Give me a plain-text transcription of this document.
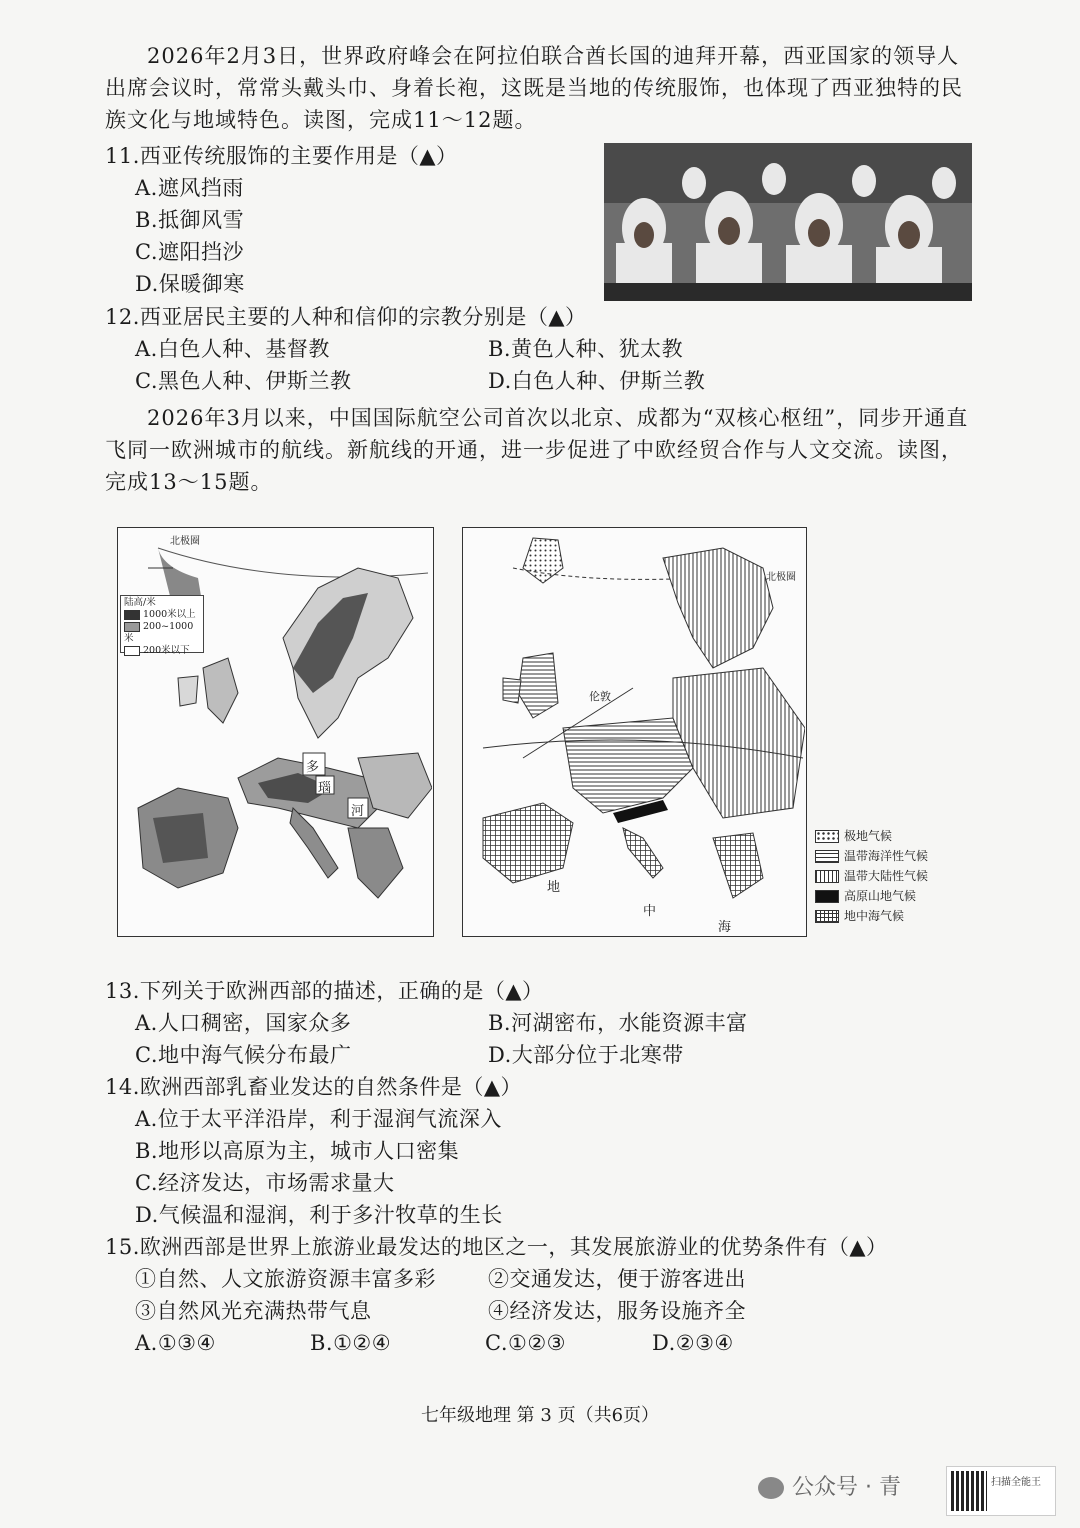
2026年2月3日，世界政府峰会在阿拉伯联合酋长国的迪拜开幕，西亚国家的领导人出席会议时，常常头戴头巾、身着长袍，这既是当地的传统服饰，也体现了西亚独特的民族文化与地域特色。读图，完成11～12题。
11.西亚传统服饰的主要作用是（▲）
A.遮风挡雨
B.抵御风雪
C.遮阳挡沙
D.保暖御寒
12.西亚居民主要的人种和信仰的宗教分别是（▲）
A.白色人种、基督教	B.黄色人种、犹太教
C.黑色人种、伊斯兰教	D.白色人种、伊斯兰教
2026年3月以来，中国国际航空公司首次以北京、成都为“双核心枢纽”，同步开通直飞同一欧洲城市的航线。新航线的开通，进一步促进了中欧经贸合作与人文交流。读图，完成13～15题。
北极圈
多
瑙
河
陆高/米
1000米以上
200~1000米
200米以下
北极圈
伦敦
地
中
海
极地气候
温带海洋性气候
温带大陆性气候
高原山地气候
地中海气候
13.下列关于欧洲西部的描述，正确的是（▲）
A.人口稠密，国家众多	B.河湖密布，水能资源丰富
C.地中海气候分布最广	D.大部分位于北寒带
14.欧洲西部乳畜业发达的自然条件是（▲）
A.位于太平洋沿岸，利于湿润气流深入
B.地形以高原为主，城市人口密集
C.经济发达，市场需求量大
D.气候温和湿润，利于多汁牧草的生长
15.欧洲西部是世界上旅游业最发达的地区之一，其发展旅游业的优势条件有（▲）
①自然、人文旅游资源丰富多彩 ②交通发达，便于游客进出
③自然风光充满热带气息	④经济发达，服务设施齐全
A.①③④	B.①②④	C.①②③	D.②③④
七年级地理 第 3 页（共6页）
公众号 · 青	扫描全能王
